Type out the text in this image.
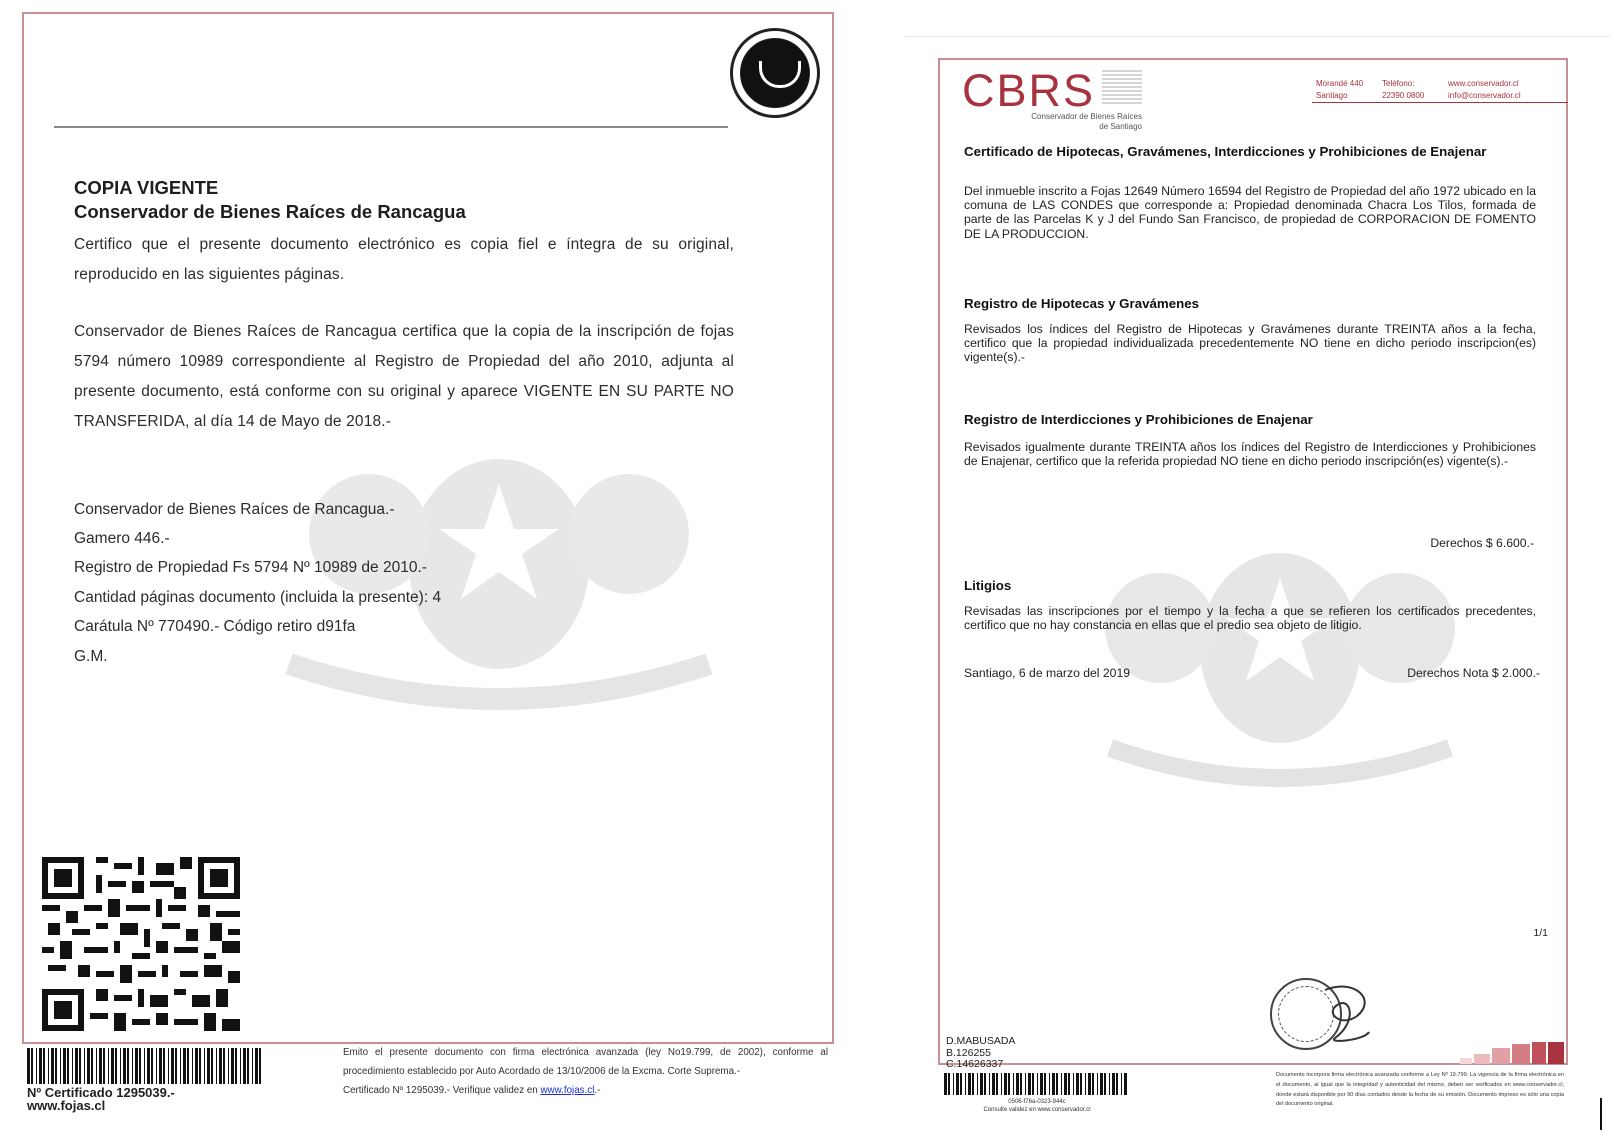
COPIA VIGENTE
Conservador de Bienes Raíces de Rancagua
Certifico que el presente documento electrónico es copia fiel e íntegra de su original, reproducido en las siguientes páginas.
Conservador de Bienes Raíces de Rancagua certifica que la copia de la inscripción de fojas 5794 número 10989 correspondiente al Registro de Propiedad del año 2010, adjunta al presente documento, está conforme con su original y aparece VIGENTE EN SU PARTE NO TRANSFERIDA, al día 14 de Mayo de 2018.-
Conservador de Bienes Raíces de Rancagua.-
Gamero 446.-
Registro de Propiedad Fs 5794 Nº 10989 de 2010.-
Cantidad páginas documento (incluida la presente): 4
Carátula Nº 770490.- Código retiro d91fa
G.M.
Nº Certificado 1295039.-
www.fojas.cl
Emito el presente documento con firma electrónica avanzada (ley No19.799, de 2002), conforme al procedimiento establecido por Auto Acordado de 13/10/2006 de la Excma. Corte Suprema.-
Certificado Nº 1295039.- Verifique validez en www.fojas.cl.-
CBRS
Conservador de Bienes Raíces
de Santiago
Morandé 440
Santiago
Teléfono:
22390 0800
www.conservador.cl
info@conservador.cl
Certificado de Hipotecas, Gravámenes, Interdicciones y Prohibiciones de Enajenar
Del inmueble inscrito a Fojas 12649 Número 16594 del Registro de Propiedad del año 1972 ubicado en la comuna de LAS CONDES que corresponde a: Propiedad denominada Chacra Los Tilos, formada de parte de las Parcelas K y J del Fundo San Francisco, de propiedad de CORPORACION DE FOMENTO DE LA PRODUCCION.
Registro de Hipotecas y Gravámenes
Revisados los índices del Registro de Hipotecas y Gravámenes durante TREINTA años a la fecha, certifico que la propiedad individualizada precedentemente NO tiene en dicho periodo inscripcion(es) vigente(s).-
Registro de Interdicciones y Prohibiciones de Enajenar
Revisados igualmente durante TREINTA años los índices del Registro de Interdicciones y Prohibiciones de Enajenar, certifico que la referida propiedad NO tiene en dicho periodo inscripción(es) vigente(s).-
Derechos $ 6.600.-
Litigios
Revisadas las inscripciones por el tiempo y la fecha a que se refieren los certificados precedentes, certifico que no hay constancia en ellas que el predio sea objeto de litigio.
Santiago, 6 de marzo del 2019	Derechos Nota $ 2.000.-
1/1
D.MABUSADA
B.126255
C.14626337
0506-f76a-0323-944c
Consulte validez en www.conservador.cl
Documento incorpora firma electrónica avanzada conforme a Ley Nº 19.799. La vigencia de la firma electrónica en el documento, al igual que la integridad y autenticidad del mismo, deben ser verificados en www.conservador.cl, donde estará disponible por 90 días contados desde la fecha de su emisión. Documento impreso es sólo una copia del documento original.
